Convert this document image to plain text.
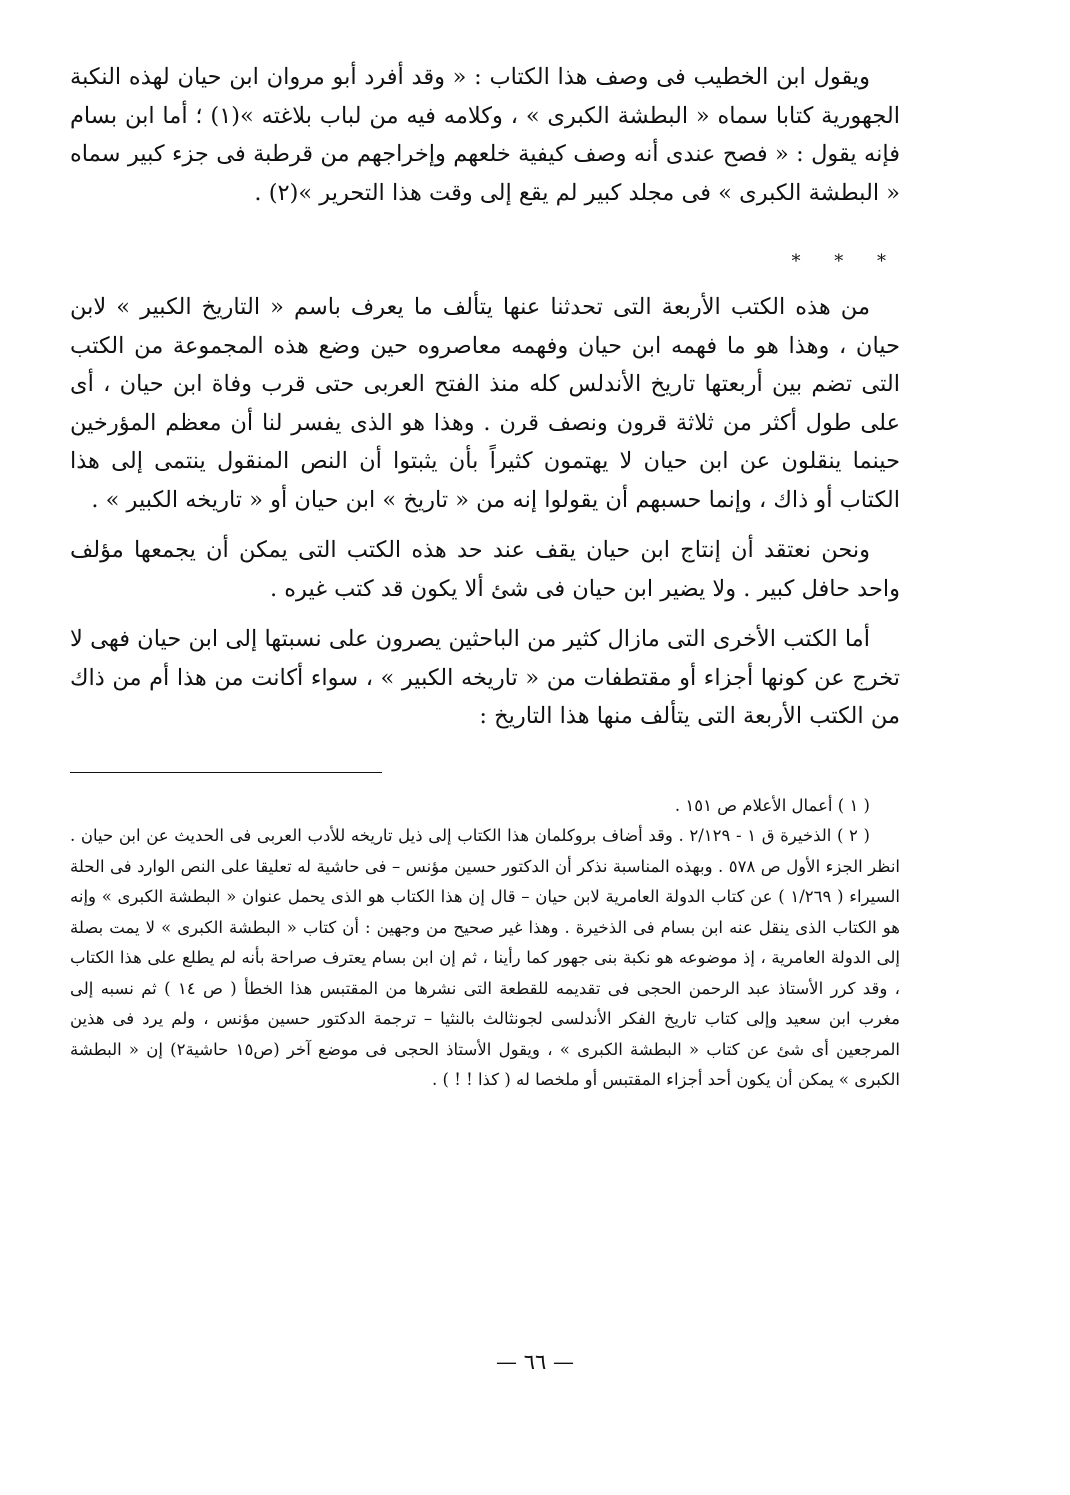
ويقول ابن الخطيب فى وصف هذا الكتاب : « وقد أفرد أبو مروان ابن حيان لهذه النكبة الجهورية كتابا سماه « البطشة الكبرى » ، وكلامه فيه من لباب بلاغته »(١) ؛ أما ابن بسام فإنه يقول : « فصح عندى أنه وصف كيفية خلعهم وإخراجهم من قرطبة فى جزء كبير سماه « البطشة الكبرى » فى مجلد كبير لم يقع إلى وقت هذا التحرير »(٢) .

* * *

من هذه الكتب الأربعة التى تحدثنا عنها يتألف ما يعرف باسم « التاريخ الكبير » لابن حيان ، وهذا هو ما فهمه ابن حيان وفهمه معاصروه حين وضع هذه المجموعة من الكتب التى تضم بين أربعتها تاريخ الأندلس كله منذ الفتح العربى حتى قرب وفاة ابن حيان ، أى على طول أكثر من ثلاثة قرون ونصف قرن . وهذا هو الذى يفسر لنا أن معظم المؤرخين حينما ينقلون عن ابن حيان لا يهتمون كثيراً بأن يثبتوا أن النص المنقول ينتمى إلى هذا الكتاب أو ذاك ، وإنما حسبهم أن يقولوا إنه من « تاريخ » ابن حيان أو « تاريخه الكبير » .

ونحن نعتقد أن إنتاج ابن حيان يقف عند حد هذه الكتب التى يمكن أن يجمعها مؤلف واحد حافل كبير . ولا يضير ابن حيان فى شئ ألا يكون قد كتب غيره .

أما الكتب الأخرى التى مازال كثير من الباحثين يصرون على نسبتها إلى ابن حيان فهى لا تخرج عن كونها أجزاء أو مقتطفات من « تاريخه الكبير » ، سواء أكانت من هذا أم من ذاك من الكتب الأربعة التى يتألف منها هذا التاريخ :

( ١ ) أعمال الأعلام ص ١٥١ .

( ٢ ) الذخيرة ق ١ - ٢/١٢٩ . وقد أضاف بروكلمان هذا الكتاب إلى ذيل تاريخه للأدب العربى فى الحديث عن ابن حيان . انظر الجزء الأول ص ٥٧٨ . وبهذه المناسبة نذكر أن الدكتور حسين مؤنس – فى حاشية له تعليقا على النص الوارد فى الحلة السيراء ( ١/٢٦٩ ) عن كتاب الدولة العامرية لابن حيان – قال إن هذا الكتاب هو الذى يحمل عنوان « البطشة الكبرى » وإنه هو الكتاب الذى ينقل عنه ابن بسام فى الذخيرة . وهذا غير صحيح من وجهين : أن كتاب « البطشة الكبرى » لا يمت بصلة إلى الدولة العامرية ، إذ موضوعه هو نكبة بنى جهور كما رأينا ، ثم إن ابن بسام يعترف صراحة بأنه لم يطلع على هذا الكتاب ، وقد كرر الأستاذ عبد الرحمن الحجى فى تقديمه للقطعة التى نشرها من المقتبس هذا الخطأ ( ص ١٤ ) ثم نسبه إلى مغرب ابن سعيد وإلى كتاب تاريخ الفكر الأندلسى لجونثالث بالنثيا – ترجمة الدكتور حسين مؤنس ، ولم يرد فى هذين المرجعين أى شئ عن كتاب « البطشة الكبرى » ، ويقول الأستاذ الحجى فى موضع آخر (ص١٥ حاشية٢) إن « البطشة الكبرى » يمكن أن يكون أحد أجزاء المقتبس أو ملخصا له ( كذا ! ! ) .

— ٦٦ —
